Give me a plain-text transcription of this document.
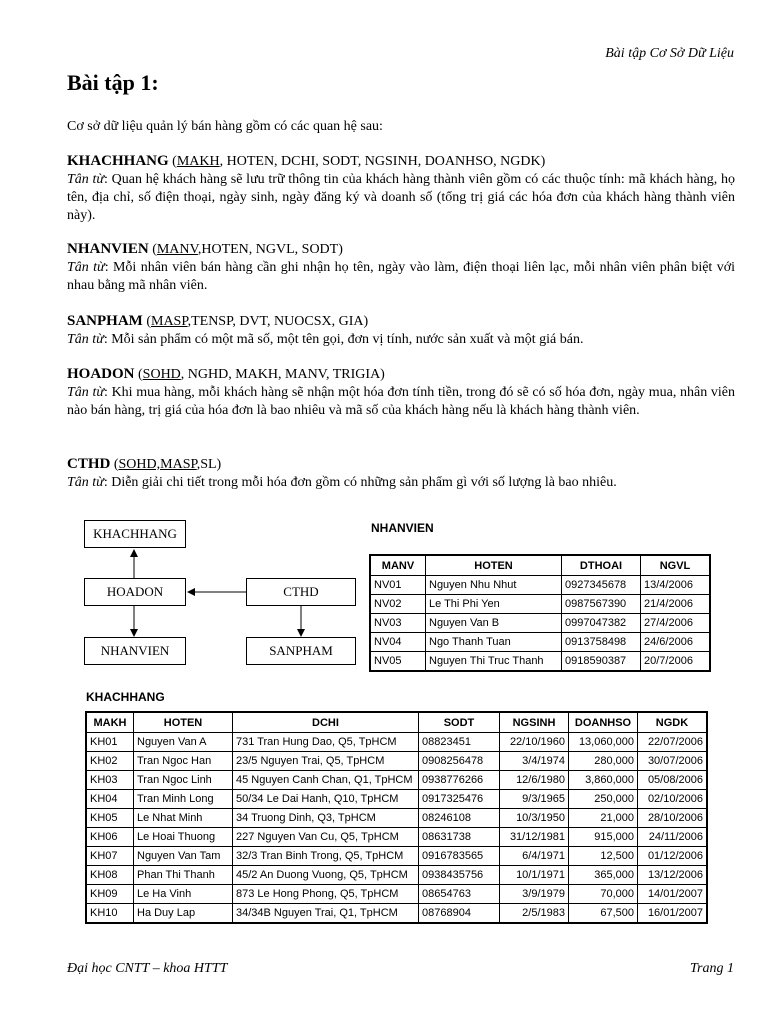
Bài tập Cơ Sở Dữ Liệu
Bài tập 1:
Cơ sở dữ liệu quản lý bán hàng gồm có các quan hệ sau:
KHACHHANG (MAKH, HOTEN, DCHI, SODT, NGSINH, DOANHSO, NGDK)
Tân từ: Quan hệ khách hàng sẽ lưu trữ thông tin của khách hàng thành viên gồm có các thuộc tính: mã khách hàng, họ tên, địa chỉ, số điện thoại, ngày sinh, ngày đăng ký và doanh số (tổng trị giá các hóa đơn của khách hàng thành viên này).
NHANVIEN (MANV,HOTEN, NGVL, SODT)
Tân từ: Mỗi nhân viên bán hàng cần ghi nhận họ tên, ngày vào làm, điện thoại liên lạc, mỗi nhân viên phân biệt với nhau bằng mã nhân viên.
SANPHAM (MASP,TENSP, DVT, NUOCSX, GIA)
Tân từ: Mỗi sản phẩm có một mã số, một tên gọi, đơn vị tính, nước sản xuất và một giá bán.
HOADON (SOHD, NGHD, MAKH, MANV, TRIGIA)
Tân từ: Khi mua hàng, mỗi khách hàng sẽ nhận một hóa đơn tính tiền, trong đó sẽ có số hóa đơn, ngày mua, nhân viên nào bán hàng, trị giá của hóa đơn là bao nhiêu và mã số của khách hàng nếu là khách hàng thành viên.
CTHD (SOHD,MASP,SL)
Tân từ: Diễn giải chi tiết trong mỗi hóa đơn gồm có những sản phẩm gì với số lượng là bao nhiêu.
KHACHHANG
HOADON	CTHD
NHANVIEN	SANPHAM
NHANVIEN
MANV	HOTEN	DTHOAI	NGVL
NV01	Nguyen Nhu Nhut	0927345678	13/4/2006
NV02	Le Thi Phi Yen	0987567390	21/4/2006
NV03	Nguyen Van B	0997047382	27/4/2006
NV04	Ngo Thanh Tuan	0913758498	24/6/2006
NV05	Nguyen Thi Truc Thanh	0918590387	20/7/2006
KHACHHANG
MAKH	HOTEN	DCHI	SODT	NGSINH	DOANHSO	NGDK
KH01	Nguyen Van A	731 Tran Hung Dao, Q5, TpHCM	08823451	22/10/1960	13,060,000	22/07/2006
KH02	Tran Ngoc Han	23/5 Nguyen Trai, Q5, TpHCM	0908256478	3/4/1974	280,000	30/07/2006
KH03	Tran Ngoc Linh	45 Nguyen Canh Chan, Q1, TpHCM	0938776266	12/6/1980	3,860,000	05/08/2006
KH04	Tran Minh Long	50/34 Le Dai Hanh, Q10, TpHCM	0917325476	9/3/1965	250,000	02/10/2006
KH05	Le Nhat Minh	34 Truong Dinh, Q3, TpHCM	08246108	10/3/1950	21,000	28/10/2006
KH06	Le Hoai Thuong	227 Nguyen Van Cu, Q5, TpHCM	08631738	31/12/1981	915,000	24/11/2006
KH07	Nguyen Van Tam	32/3 Tran Binh Trong, Q5, TpHCM	0916783565	6/4/1971	12,500	01/12/2006
KH08	Phan Thi Thanh	45/2 An Duong Vuong, Q5, TpHCM	0938435756	10/1/1971	365,000	13/12/2006
KH09	Le Ha Vinh	873 Le Hong Phong, Q5, TpHCM	08654763	3/9/1979	70,000	14/01/2007
KH10	Ha Duy Lap	34/34B Nguyen Trai, Q1, TpHCM	08768904	2/5/1983	67,500	16/01/2007
Đại học CNTT – khoa HTTT	Trang 1
